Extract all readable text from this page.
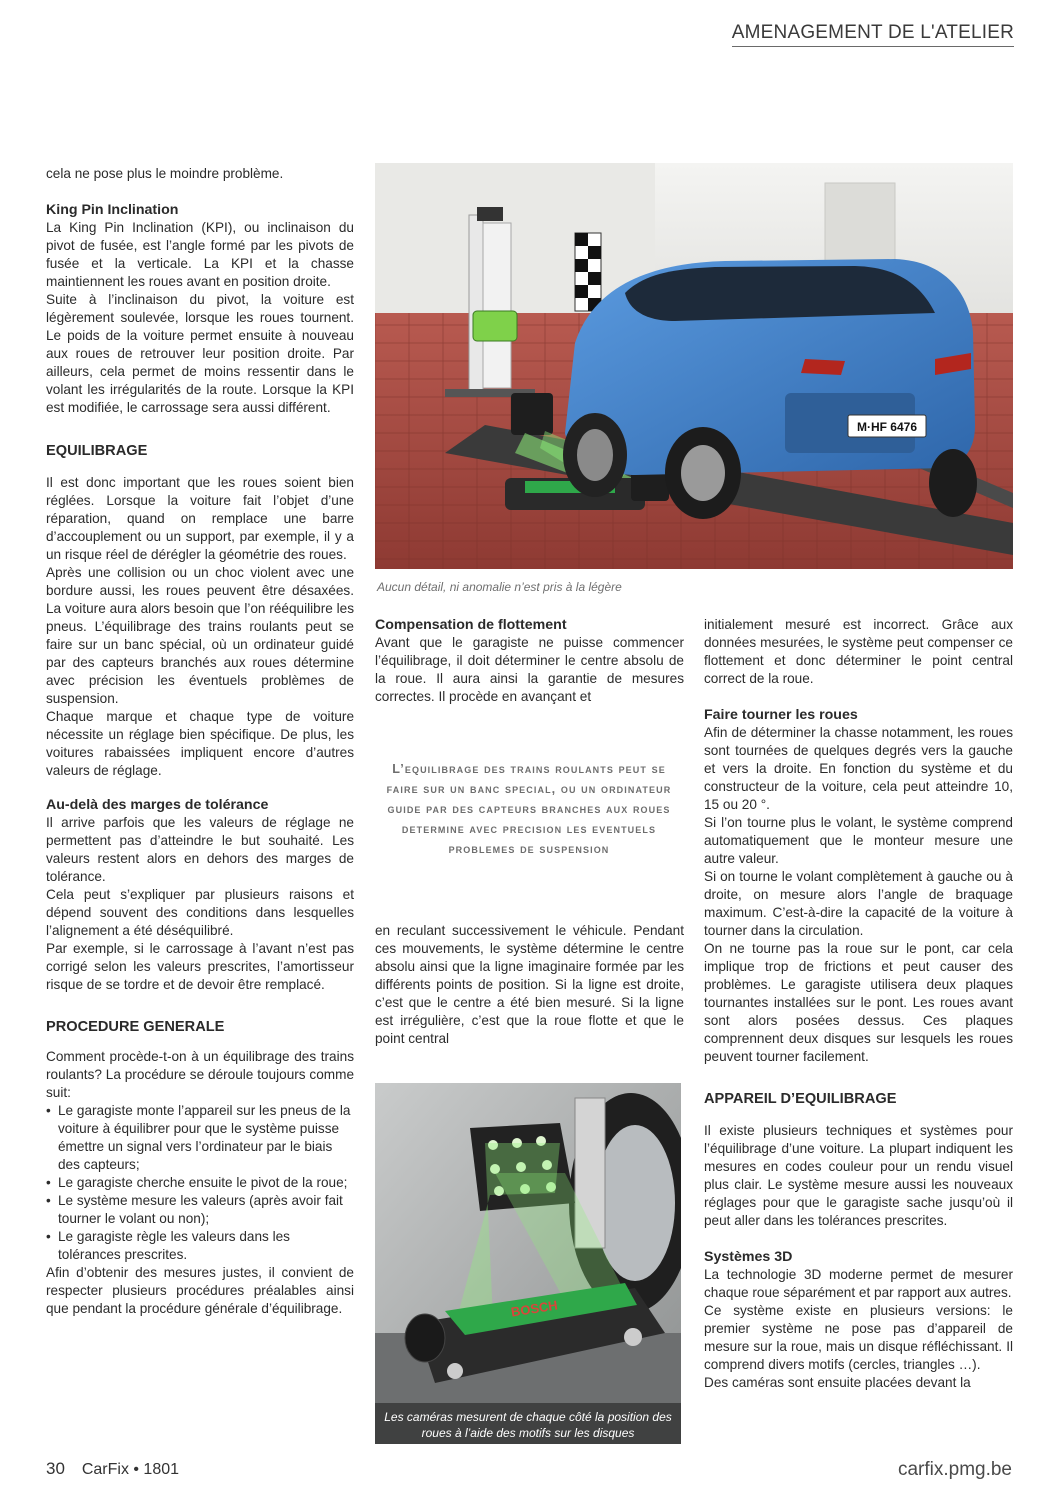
AMENAGEMENT DE L'ATELIER

cela ne pose plus le moindre problème.

King Pin Inclination

La King Pin Inclination (KPI), ou inclinaison du pivot de fusée, est l’angle formé par les pivots de fusée et la verticale. La KPI et la chasse maintiennent les roues avant en position droite.

Suite à l’inclinaison du pivot, la voiture est légèrement soulevée, lorsque les roues tournent. Le poids de la voiture permet ensuite à nouveau aux roues de retrouver leur position droite. Par ailleurs, cela permet de moins ressentir dans le volant les irrégularités de la route. Lorsque la KPI est modifiée, le carrossage sera aussi différent.

EQUILIBRAGE

Il est donc important que les roues soient bien réglées. Lorsque la voiture fait l’objet d’une réparation, quand on remplace une barre d’accouplement ou un support, par exemple, il y a un risque réel de dérégler la géométrie des roues.

Après une collision ou un choc violent avec une bordure aussi, les roues peuvent être désaxées. La voiture aura alors besoin que l’on rééquilibre les pneus. L’équilibrage des trains roulants peut se faire sur un banc spécial, où un ordinateur guidé par des capteurs branchés aux roues détermine avec précision les éventuels problèmes de suspension.

Chaque marque et chaque type de voiture nécessite un réglage bien spécifique. De plus, les voitures rabaissées impliquent encore d’autres valeurs de réglage.

Au-delà des marges de tolérance

Il arrive parfois que les valeurs de réglage ne permettent pas d’atteindre le but souhaité. Les valeurs restent alors en dehors des marges de tolérance.

Cela peut s’expliquer par plusieurs raisons et dépend souvent des conditions dans lesquelles l’alignement a été déséquilibré.

Par exemple, si le carrossage à l’avant n’est pas corrigé selon les valeurs prescrites, l’amortisseur risque de se tordre et de devoir être remplacé.

PROCEDURE GENERALE

Comment procède-t-on à un équilibrage des trains roulants? La procédure se déroule toujours comme suit:

• Le garagiste monte l’appareil sur les pneus de la voiture à équilibrer pour que le système puisse émettre un signal vers l’ordinateur par le biais des capteurs;
• Le garagiste cherche ensuite le pivot de la roue;
• Le système mesure les valeurs (après avoir fait tourner le volant ou non);
• Le garagiste règle les valeurs dans les tolérances prescrites.

Afin d’obtenir des mesures justes, il convient de respecter plusieurs procédures préalables ainsi que pendant la procédure générale d’équilibrage.

M·HF 6476
Aucun détail, ni anomalie n’est pris à la légère

Compensation de flottement

Avant que le garagiste ne puisse commencer l’équilibrage, il doit déterminer le centre absolu de la roue. Il aura ainsi la garantie de mesures correctes. Il procède en avançant et

L’equilibrage des trains roulants peut se faire sur un banc special, ou un ordinateur guide par des capteurs branches aux roues determine avec precision les eventuels problemes de suspension

en reculant successivement le véhicule. Pendant ces mouvements, le système détermine le centre absolu ainsi que la ligne imaginaire formée par les différents points de position. Si la ligne est droite, c’est que le centre a été bien mesuré. Si la ligne est irrégulière, c’est que la roue flotte et que le point central

BOSCH
Les caméras mesurent de chaque côté la position des roues à l’aide des motifs sur les disques

initialement mesuré est incorrect. Grâce aux données mesurées, le système peut compenser ce flottement et donc déterminer le point central correct de la roue.

Faire tourner les roues

Afin de déterminer la chasse notamment, les roues sont tournées de quelques degrés vers la gauche et vers la droite. En fonction du système et du constructeur de la voiture, cela peut atteindre 10, 15 ou 20 °.

Si l’on tourne plus le volant, le système comprend automatiquement que le monteur mesure une autre valeur.

Si on tourne le volant complètement à gauche ou à droite, on mesure alors l’angle de braquage maximum. C’est-à-dire la capacité de la voiture à tourner dans la circulation.

On ne tourne pas la roue sur le pont, car cela implique trop de frictions et peut causer des problèmes. Le garagiste utilisera deux plaques tournantes installées sur le pont. Les roues avant sont alors posées dessus. Ces plaques comprennent deux disques sur lesquels les roues peuvent tourner facilement.

APPAREIL D’EQUILIBRAGE

Il existe plusieurs techniques et systèmes pour l’équilibrage d’une voiture. La plupart indiquent les mesures en codes couleur pour un rendu visuel plus clair. Le système mesure aussi les nouveaux réglages pour que le garagiste sache jusqu’où il peut aller dans les tolérances prescrites.

Systèmes 3D

La technologie 3D moderne permet de mesurer chaque roue séparément et par rapport aux autres.

Ce système existe en plusieurs versions: le premier système ne pose pas d’appareil de mesure sur la roue, mais un disque réfléchissant. Il comprend divers motifs (cercles, triangles …).

Des caméras sont ensuite placées devant la

30 CarFix • 1801	carfix.pmg.be
